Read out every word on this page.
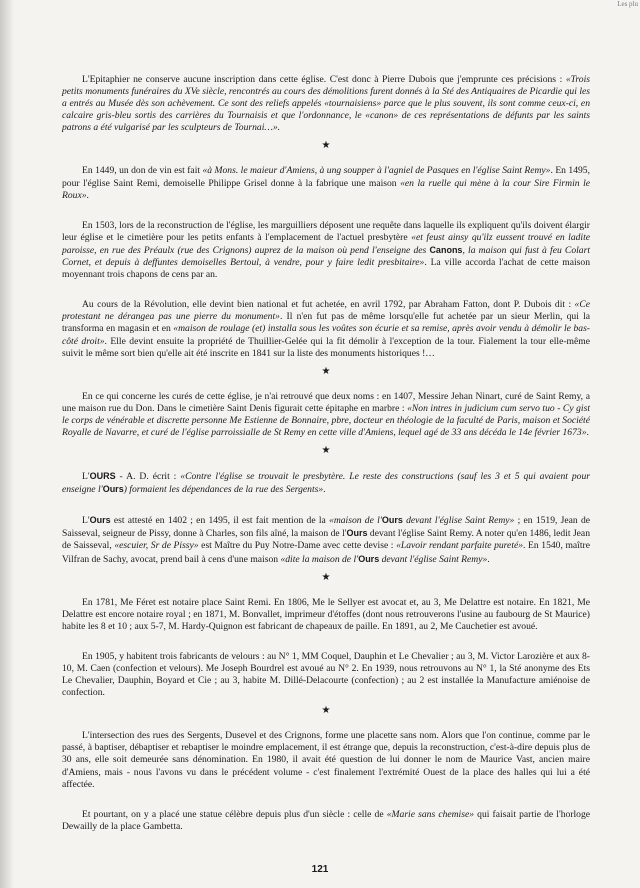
Les plu

L'Epitaphier ne conserve aucune inscription dans cette église. C'est donc à Pierre Dubois que j'emprunte ces précisions : «Trois petits monuments funéraires du XVe siècle, rencontrés au cours des démolitions furent donnés à la Sté des Antiquaires de Picardie qui les a entrés au Musée dès son achèvement. Ce sont des reliefs appelés «tournaisiens» parce que le plus souvent, ils sont comme ceux-ci, en calcaire gris-bleu sortis des carrières du Tournaisis et que l'ordonnance, le «canon» de ces représentations de défunts par les saints patrons a été vulgarisé par les sculpteurs de Tournai…».

★

En 1449, un don de vin est fait «à Mons. le maieur d'Amiens, à ung soupper à l'agniel de Pasques en l'église Saint Remy». En 1495, pour l'église Saint Remi, demoiselle Philippe Grisel donne à la fabrique une maison «en la ruelle qui mène à la cour Sire Firmin le Roux».

En 1503, lors de la reconstruction de l'église, les marguilliers déposent une requête dans laquelle ils expliquent qu'ils doivent élargir leur église et le cimetière pour les petits enfants à l'emplacement de l'actuel presbytère «et feust ainsy qu'ilz eussent trouvé en ladite paroisse, en rue des Préaulx (rue des Crignons) auprez de la maison où pend l'enseigne des Canons, la maison qui fust à feu Colart Cornet, et depuis à deffuntes demoiselles Bertoul, à vendre, pour y faire ledit presbitaire». La ville accorda l'achat de cette maison moyennant trois chapons de cens par an.

Au cours de la Révolution, elle devint bien national et fut achetée, en avril 1792, par Abraham Fatton, dont P. Dubois dit : «Ce protestant ne dérangea pas une pierre du monument». Il n'en fut pas de même lorsqu'elle fut achetée par un sieur Merlin, qui la transforma en magasin et en «maison de roulage (et) installa sous les voûtes son écurie et sa remise, après avoir vendu à démolir le bas-côté droit». Elle devint ensuite la propriété de Thuillier-Gelée qui la fit démolir à l'exception de la tour. Fialement la tour elle-même suivit le même sort bien qu'elle ait été inscrite en 1841 sur la liste des monuments historiques !…

★

En ce qui concerne les curés de cette église, je n'ai retrouvé que deux noms : en 1407, Messire Jehan Ninart, curé de Saint Remy, a une maison rue du Don. Dans le cimetière Saint Denis figurait cette épitaphe en marbre : «Non intres in judicium cum servo tuo - Cy gist le corps de vénérable et discrette personne Me Estienne de Bonnaire, pbre, docteur en théologie de la faculté de Paris, maison et Société Royalle de Navarre, et curé de l'église parroissialle de St Remy en cette ville d'Amiens, lequel agé de 33 ans décéda le 14e février 1673».

★

L'OURS - A. D. écrit : «Contre l'église se trouvait le presbytère. Le reste des constructions (sauf les 3 et 5 qui avaient pour enseigne l'Ours) formaient les dépendances de la rue des Sergents».

L'Ours est attesté en 1402 ; en 1495, il est fait mention de la «maison de l'Ours devant l'église Saint Remy» ; en 1519, Jean de Saisseval, seigneur de Pissy, donne à Charles, son fils aîné, la maison de l'Ours devant l'église Saint Remy. A noter qu'en 1486, ledit Jean de Saisseval, «escuier, Sr de Pissy» est Maître du Puy Notre-Dame avec cette devise : «Lavoir rendant parfaite pureté». En 1540, maître Vilfran de Sachy, avocat, prend bail à cens d'une maison «dite la maison de l'Ours devant l'église Saint Remy».

★

En 1781, Me Féret est notaire place Saint Remi. En 1806, Me le Sellyer est avocat et, au 3, Me Delattre est notaire. En 1821, Me Delattre est encore notaire royal ; en 1871, M. Bonvallet, imprimeur d'étoffes (dont nous retrouverons l'usine au faubourg de St Maurice) habite les 8 et 10 ; aux 5-7, M. Hardy-Quignon est fabricant de chapeaux de paille. En 1891, au 2, Me Cauchetier est avoué.

En 1905, y habitent trois fabricants de velours : au N° 1, MM Coquel, Dauphin et Le Chevalier ; au 3, M. Victor Larozière et aux 8-10, M. Caen (confection et velours). Me Joseph Bourdrel est avoué au N° 2. En 1939, nous retrouvons au N° 1, la Sté anonyme des Ets Le Chevalier, Dauphin, Boyard et Cie ; au 3, habite M. Dillé-Delacourte (confection) ; au 2 est installée la Manufacture amiénoise de confection.

★

L'intersection des rues des Sergents, Dusevel et des Crignons, forme une placette sans nom. Alors que l'on continue, comme par le passé, à baptiser, débaptiser et rebaptiser le moindre emplacement, il est étrange que, depuis la reconstruction, c'est-à-dire depuis plus de 30 ans, elle soit demeurée sans dénomination. En 1980, il avait été question de lui donner le nom de Maurice Vast, ancien maire d'Amiens, mais - nous l'avons vu dans le précédent volume - c'est finalement l'extrémité Ouest de la place des halles qui lui a été affectée.

Et pourtant, on y a placé une statue célèbre depuis plus d'un siècle : celle de «Marie sans chemise» qui faisait partie de l'horloge Dewailly de la place Gambetta.

121
